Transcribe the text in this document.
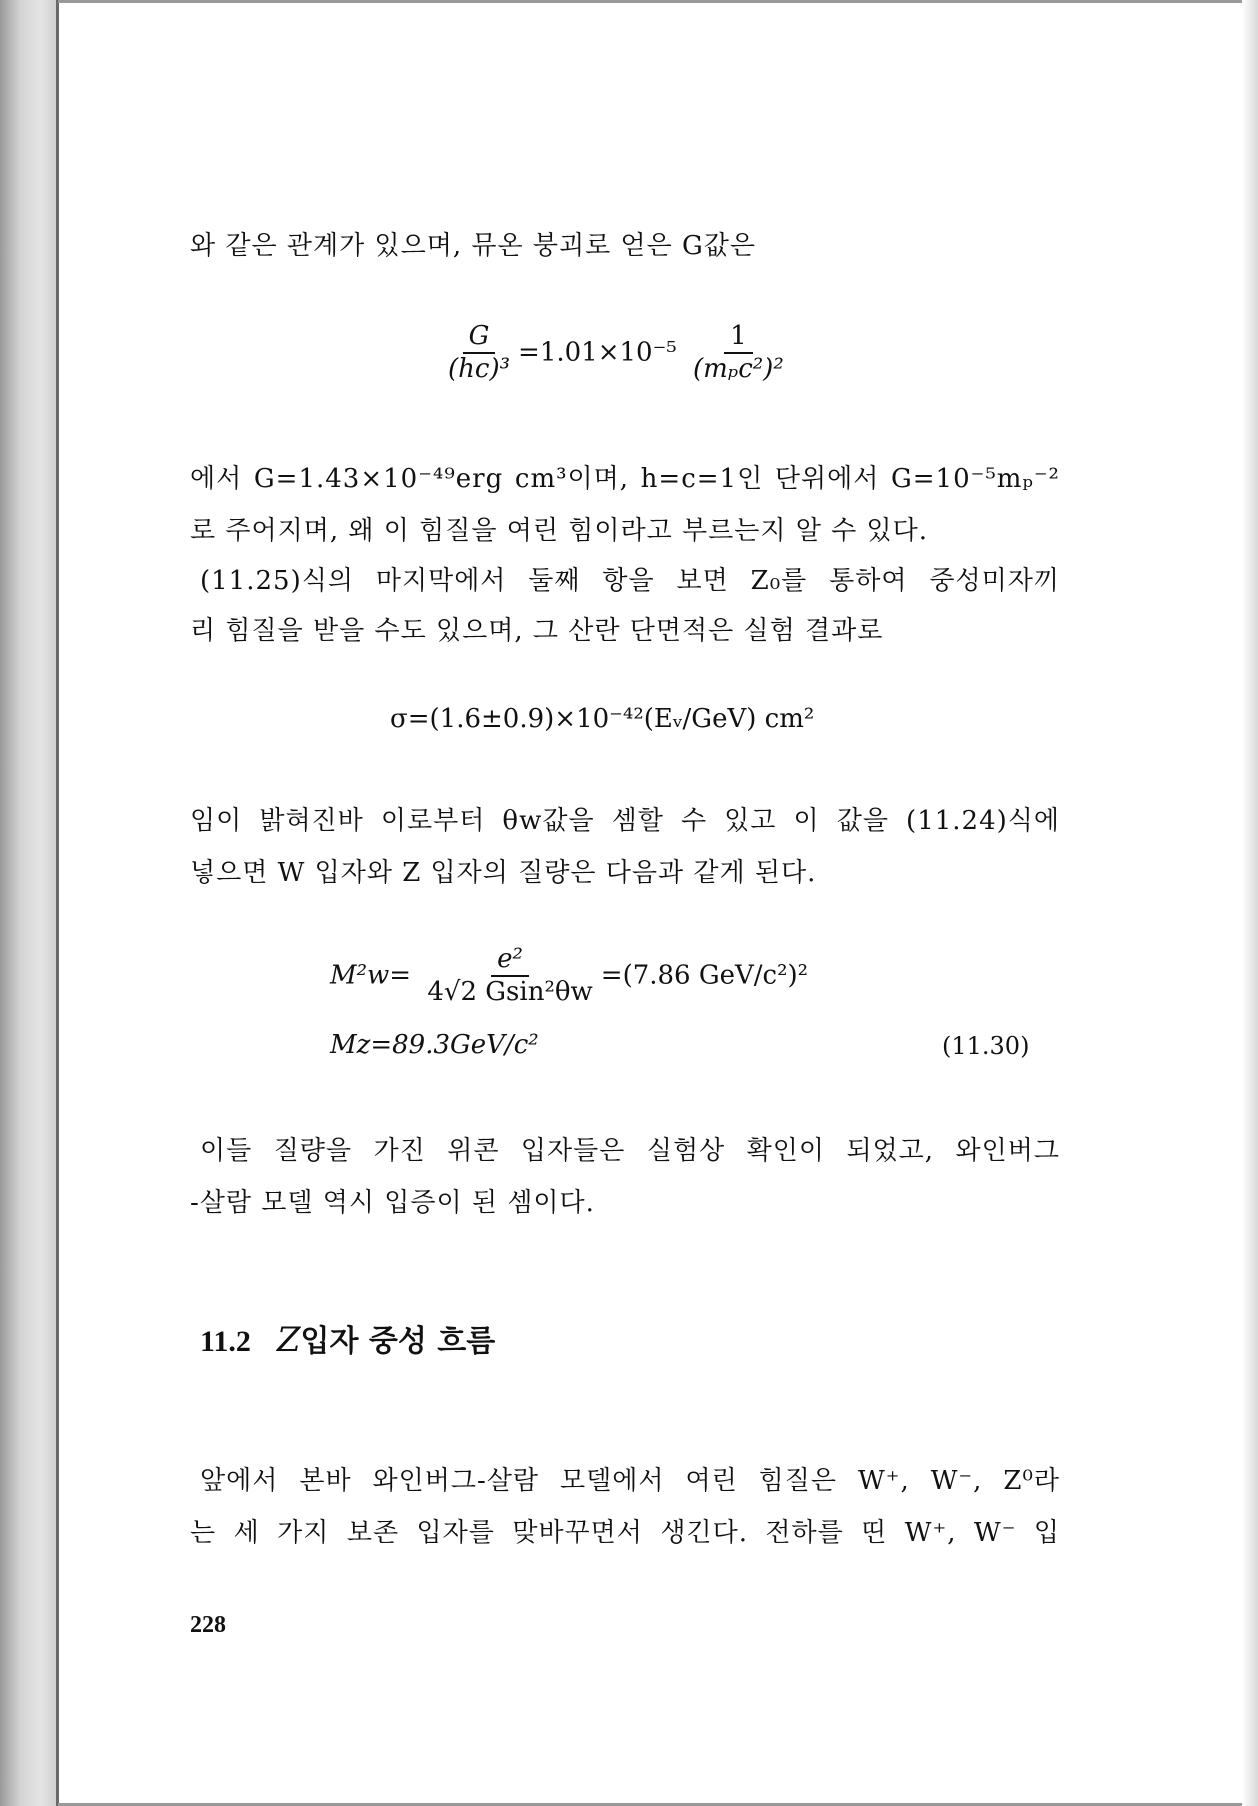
와 같은 관계가 있으며, 뮤온 붕괴로 얻은 G값은
$\frac{G}{\text{(hc)³}} =1.01\times 10^{-5} \frac{1}{\text{(mₚc²)²}}$
에서 G=1.43×10⁻⁴⁹erg cm³이며, h=c=1인 단위에서 G=10⁻⁵mₚ⁻²
로 주어지며, 왜 이 힘질을 여린 힘이라고 부르는지 알 수 있다.
(11.25)식의 마지막에서 둘째 항을 보면 Z₀를 통하여 중성미자끼
리 힘질을 받을 수도 있으며, 그 산란 단면적은 실험 결과로
σ=(1.6±0.9)×10⁻⁴²(Eᵥ/GeV) cm²
임이 밝혀진바 이로부터 θw값을 셈할 수 있고 이 값을 (11.24)식에
넣으면 W 입자와 Z 입자의 질량은 다음과 같게 된다.
$M^2w= \frac{\text{e²}}{\text{4√2 Gsin²θw}} =(7.86$ GeV/c²)²
Mz=89.3GeV/c²	(11.30)
이들 질량을 가진 위콘 입자들은 실험상 확인이 되었고, 와인버그
-살람 모델 역시 입증이 된 셈이다.
11.2 Z입자 중성 흐름
앞에서 본바 와인버그-살람 모델에서 여린 힘질은 W⁺, W⁻, Z⁰라
는 세 가지 보존 입자를 맞바꾸면서 생긴다. 전하를 띤 W⁺, W⁻ 입
228
